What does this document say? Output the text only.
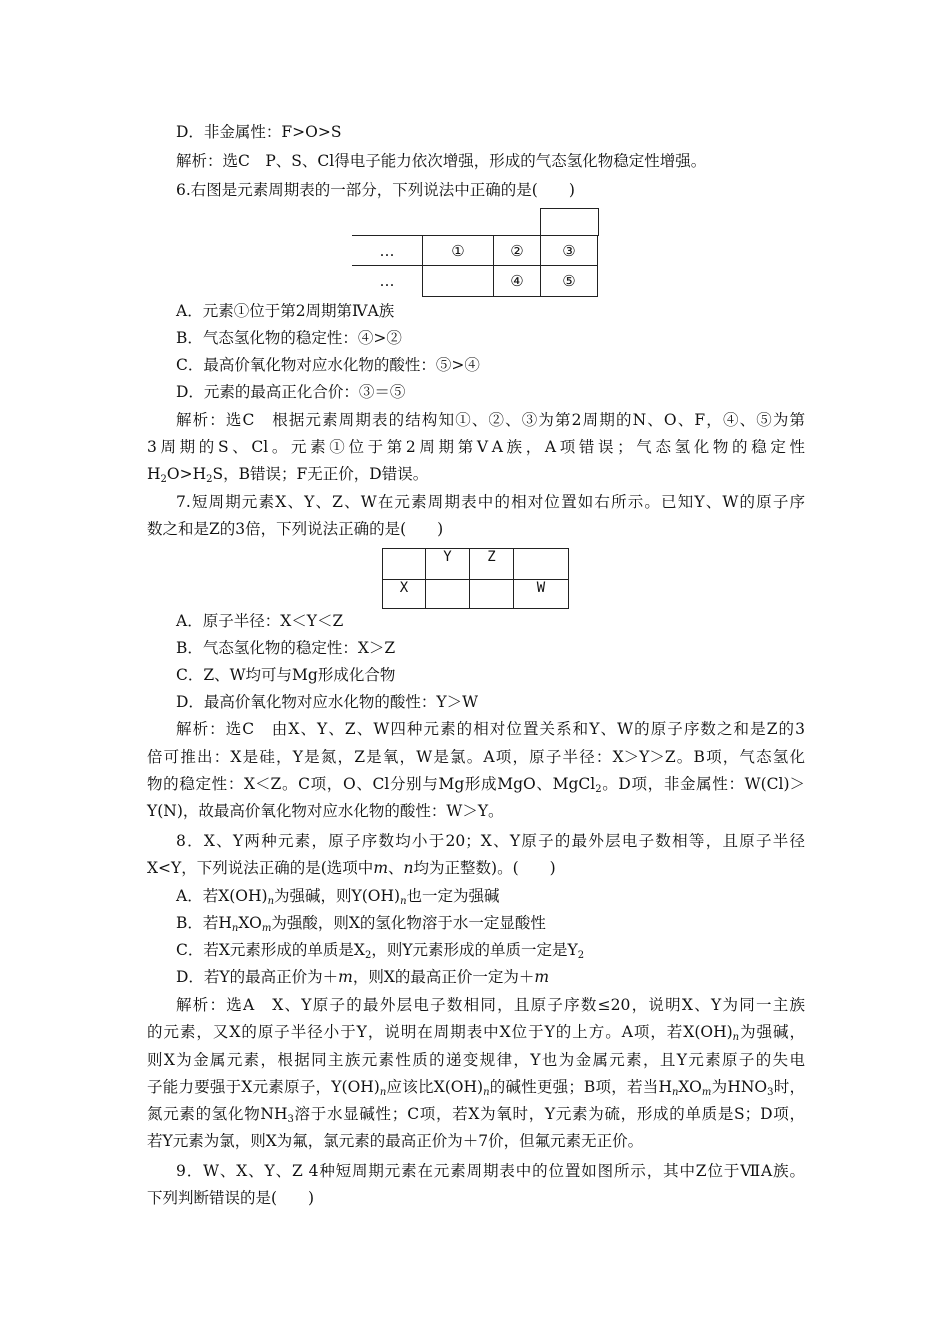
D．非金属性：F>O>S
解析：选C　P、S、Cl得电子能力依次增强，形成的气态氢化物稳定性增强。
6.右图是元素周期表的一部分，下列说法中正确的是(　　)
…	①	②	③
…		④	⑤
A．元素①位于第2周期第ⅣA族
B．气态氢化物的稳定性：④>②
C．最高价氧化物对应水化物的酸性：⑤>④
D．元素的最高正化合价：③＝⑤
解析：选C　根据元素周期表的结构知①、②、③为第2周期的N、O、F，④、⑤为第
3周期的S、Cl。元素①位于第2周期第ⅤA族，A项错误；气态氢化物的稳定性
$H_2O>H_2S$，B错误；F无正价，D错误。
7.短周期元素X、Y、Z、W在元素周期表中的相对位置如右所示。已知Y、W的原子序
数之和是Z的3倍，下列说法正确的是(　　)
	Y	Z	
X			W
A．原子半径：X＜Y＜Z
B．气态氢化物的稳定性：X＞Z
C．Z、W均可与Mg形成化合物
D．最高价氧化物对应水化物的酸性：Y＞W
解析：选C　由X、Y、Z、W四种元素的相对位置关系和Y、W的原子序数之和是Z的3
倍可推出：X是硅，Y是氮，Z是氧，W是氯。A项，原子半径：X＞Y＞Z。B项，气态氢化
物的稳定性：X＜Z。C项，O、Cl分别与Mg形成MgO、MgCl$_2$。D项，非金属性：W(Cl)＞
Y(N)，故最高价氧化物对应水化物的酸性：W＞Y。
8．X、Y两种元素，原子序数均小于20；X、Y原子的最外层电子数相等，且原子半径
X<Y，下列说法正确的是(选项中m、n均为正整数)。(　　)
A．若$X(OH)_n$为强碱，则$Y(OH)_n$也一定为强碱
B．若$H_nXO_m$为强酸，则X的氢化物溶于水一定显酸性
C．若X元素形成的单质是$X_2$，则Y元素形成的单质一定是$Y_2$
D．若Y的最高正价为＋m，则X的最高正价一定为＋m
解析：选A　X、Y原子的最外层电子数相同，且原子序数≤20，说明X、Y为同一主族
的元素，又X的原子半径小于Y，说明在周期表中X位于Y的上方。A项，若$X(OH)_n$为强碱，
则X为金属元素，根据同主族元素性质的递变规律，Y也为金属元素，且Y元素原子的失电
子能力要强于X元素原子，$Y(OH)_n$应该比$X(OH)_n$的碱性更强；B项，若当$H_nXO_m$为$HNO_3$时，
氮元素的氢化物$NH_3$溶于水显碱性；C项，若X为氧时，Y元素为硫，形成的单质是S；D项，
若Y元素为氯，则X为氟，氯元素的最高正价为＋7价，但氟元素无正价。
9．W、X、Y、Z 4种短周期元素在元素周期表中的位置如图所示，其中Z位于ⅦA族。
下列判断错误的是(　　)
